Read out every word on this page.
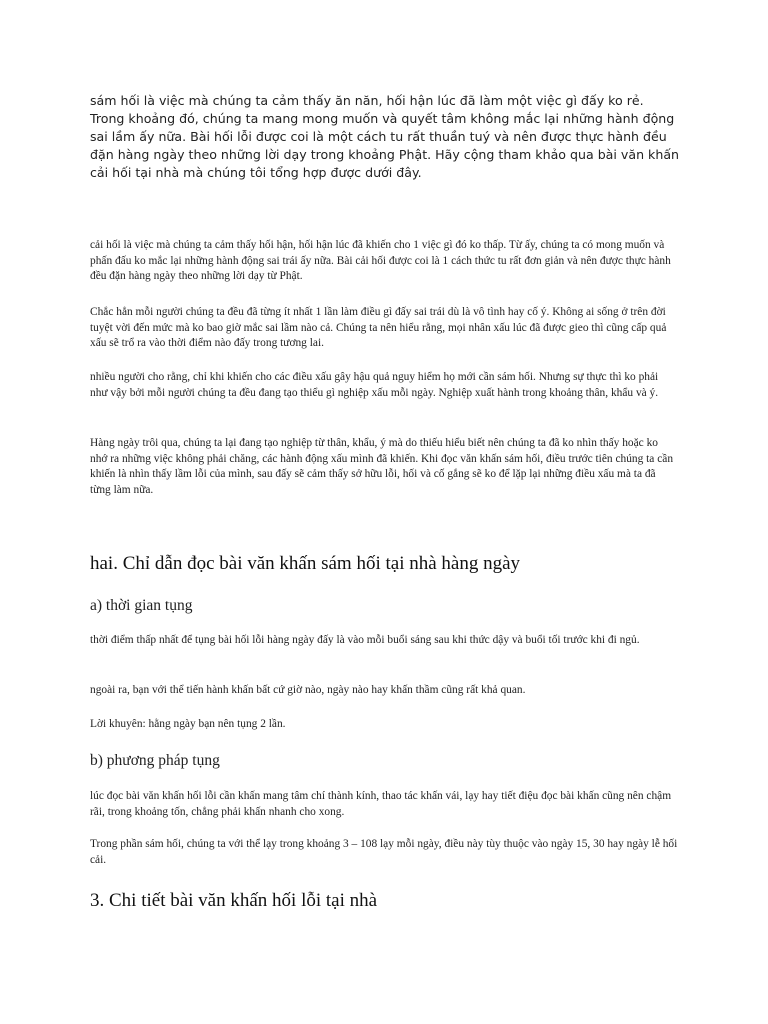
sám hối là việc mà chúng ta cảm thấy ăn năn, hối hận lúc đã làm một việc gì đấy ko rẻ. Trong khoảng đó, chúng ta mang mong muốn và quyết tâm không mắc lại những hành động sai lầm ấy nữa. Bài hối lỗi được coi là một cách tu rất thuần tuý và nên được thực hành đều đặn hàng ngày theo những lời dạy trong khoảng Phật. Hãy cộng tham khảo qua bài văn khấn cải hối tại nhà mà chúng tôi tổng hợp được dưới đây.

cải hối là việc mà chúng ta cảm thấy hối hận, hối hận lúc đã khiến cho 1 việc gì đó ko thấp. Từ ấy, chúng ta có mong muốn và phấn đấu ko mắc lại những hành động sai trái ấy nữa. Bài cải hối được coi là 1 cách thức tu rất đơn giản và nên được thực hành đều đặn hàng ngày theo những lời dạy từ Phật.

Chắc hẳn mỗi người chúng ta đều đã từng ít nhất 1 lần làm điều gì đấy sai trái dù là vô tình hay cố ý. Không ai sống ở trên đời tuyệt vời đến mức mà ko bao giờ mắc sai lầm nào cả. Chúng ta nên hiểu rằng, mọi nhân xấu lúc đã được gieo thì cũng cấp quả xấu sẽ trổ ra vào thời điểm nào đấy trong tương lai.

nhiều người cho rằng, chỉ khi khiến cho các điều xấu gây hậu quả nguy hiểm họ mới cần sám hối. Nhưng sự thực thì ko phải như vậy bởi mỗi người chúng ta đều đang tạo thiểu gì nghiệp xấu mỗi ngày. Nghiệp xuất hành trong khoảng thân, khẩu và ý.

Hàng ngày trôi qua, chúng ta lại đang tạo nghiệp từ thân, khẩu, ý mà do thiếu hiểu biết nên chúng ta đã ko nhìn thấy hoặc ko nhớ ra những việc không phải chăng, các hành động xấu mình đã khiến. Khi đọc văn khấn sám hối, điều trước tiên chúng ta cần khiến là nhìn thấy lầm lỗi của mình, sau đấy sẽ cảm thấy sở hữu lỗi, hối và cố gắng sẽ ko để lặp lại những điều xấu mà ta đã từng làm nữa.

hai. Chỉ dẫn đọc bài văn khấn sám hối tại nhà hàng ngày
a) thời gian tụng

thời điểm thấp nhất để tụng bài hối lỗi hàng ngày đấy là vào mỗi buổi sáng sau khi thức dậy và buổi tối trước khi đi ngủ.

ngoài ra, bạn với thể tiến hành khấn bất cứ giờ nào, ngày nào hay khấn thầm cũng rất khả quan.

Lời khuyên: hằng ngày bạn nên tụng 2 lần.

b) phương pháp tụng

lúc đọc bài văn khấn hối lỗi cần khấn mang tâm chí thành kính, thao tác khấn vái, lạy hay tiết điệu đọc bài khấn cũng nên chậm rãi, trong khoảng tốn, chẳng phải khấn nhanh cho xong.

Trong phần sám hối, chúng ta với thể lạy trong khoảng 3 – 108 lạy mỗi ngày, điều này tùy thuộc vào ngày 15, 30 hay ngày lễ hối cải.

3. Chi tiết bài văn khấn hối lỗi tại nhà
